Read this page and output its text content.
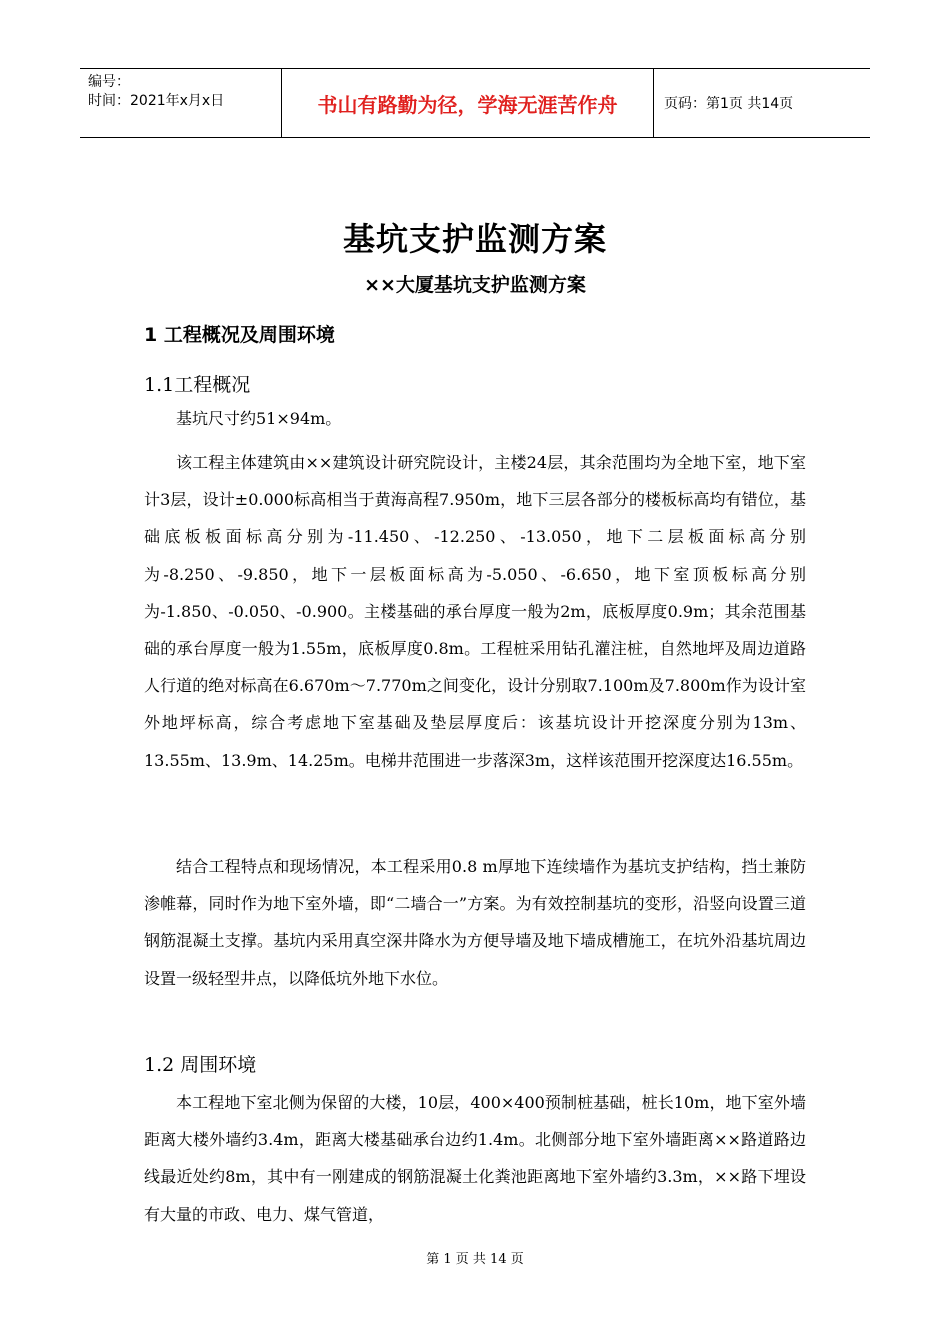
编号：
时间：2021年x月x日	书山有路勤为径，学海无涯苦作舟	页码：第1页 共14页
基坑支护监测方案
××大厦基坑支护监测方案
1 工程概况及周围环境
1.1工程概况

基坑尺寸约51×94m。

该工程主体建筑由××建筑设计研究院设计，主楼24层，其余范围均为全地下室，地下室计3层，设计±0.000标高相当于黄海高程7.950m，地下三层各部分的楼板标高均有错位，基础底板板面标高分别为-11.450、-12.250、-13.050，地下二层板面标高分别为-8.250、-9.850，地下一层板面标高为-5.050、-6.650，地下室顶板标高分别为-1.850、-0.050、-0.900。主楼基础的承台厚度一般为2m，底板厚度0.9m；其余范围基础的承台厚度一般为1.55m，底板厚度0.8m。工程桩采用钻孔灌注桩，自然地坪及周边道路人行道的绝对标高在6.670m～7.770m之间变化，设计分别取7.100m及7.800m作为设计室外地坪标高，综合考虑地下室基础及垫层厚度后：该基坑设计开挖深度分别为13m、13.55m、13.9m、14.25m。电梯井范围进一步落深3m，这样该范围开挖深度达16.55m。

结合工程特点和现场情况，本工程采用0.8 m厚地下连续墙作为基坑支护结构，挡土兼防渗帷幕，同时作为地下室外墙，即“二墙合一”方案。为有效控制基坑的变形，沿竖向设置三道钢筋混凝土支撑。基坑内采用真空深井降水为方便导墙及地下墙成槽施工，在坑外沿基坑周边设置一级轻型井点，以降低坑外地下水位。

1.2 周围环境

本工程地下室北侧为保留的大楼，10层，400×400预制桩基础，桩长10m，地下室外墙距离大楼外墙约3.4m，距离大楼基础承台边约1.4m。北侧部分地下室外墙距离××路道路边线最近处约8m，其中有一刚建成的钢筋混凝土化粪池距离地下室外墙约3.3m，××路下埋设有大量的市政、电力、煤气管道，

第 1 页 共 14 页
